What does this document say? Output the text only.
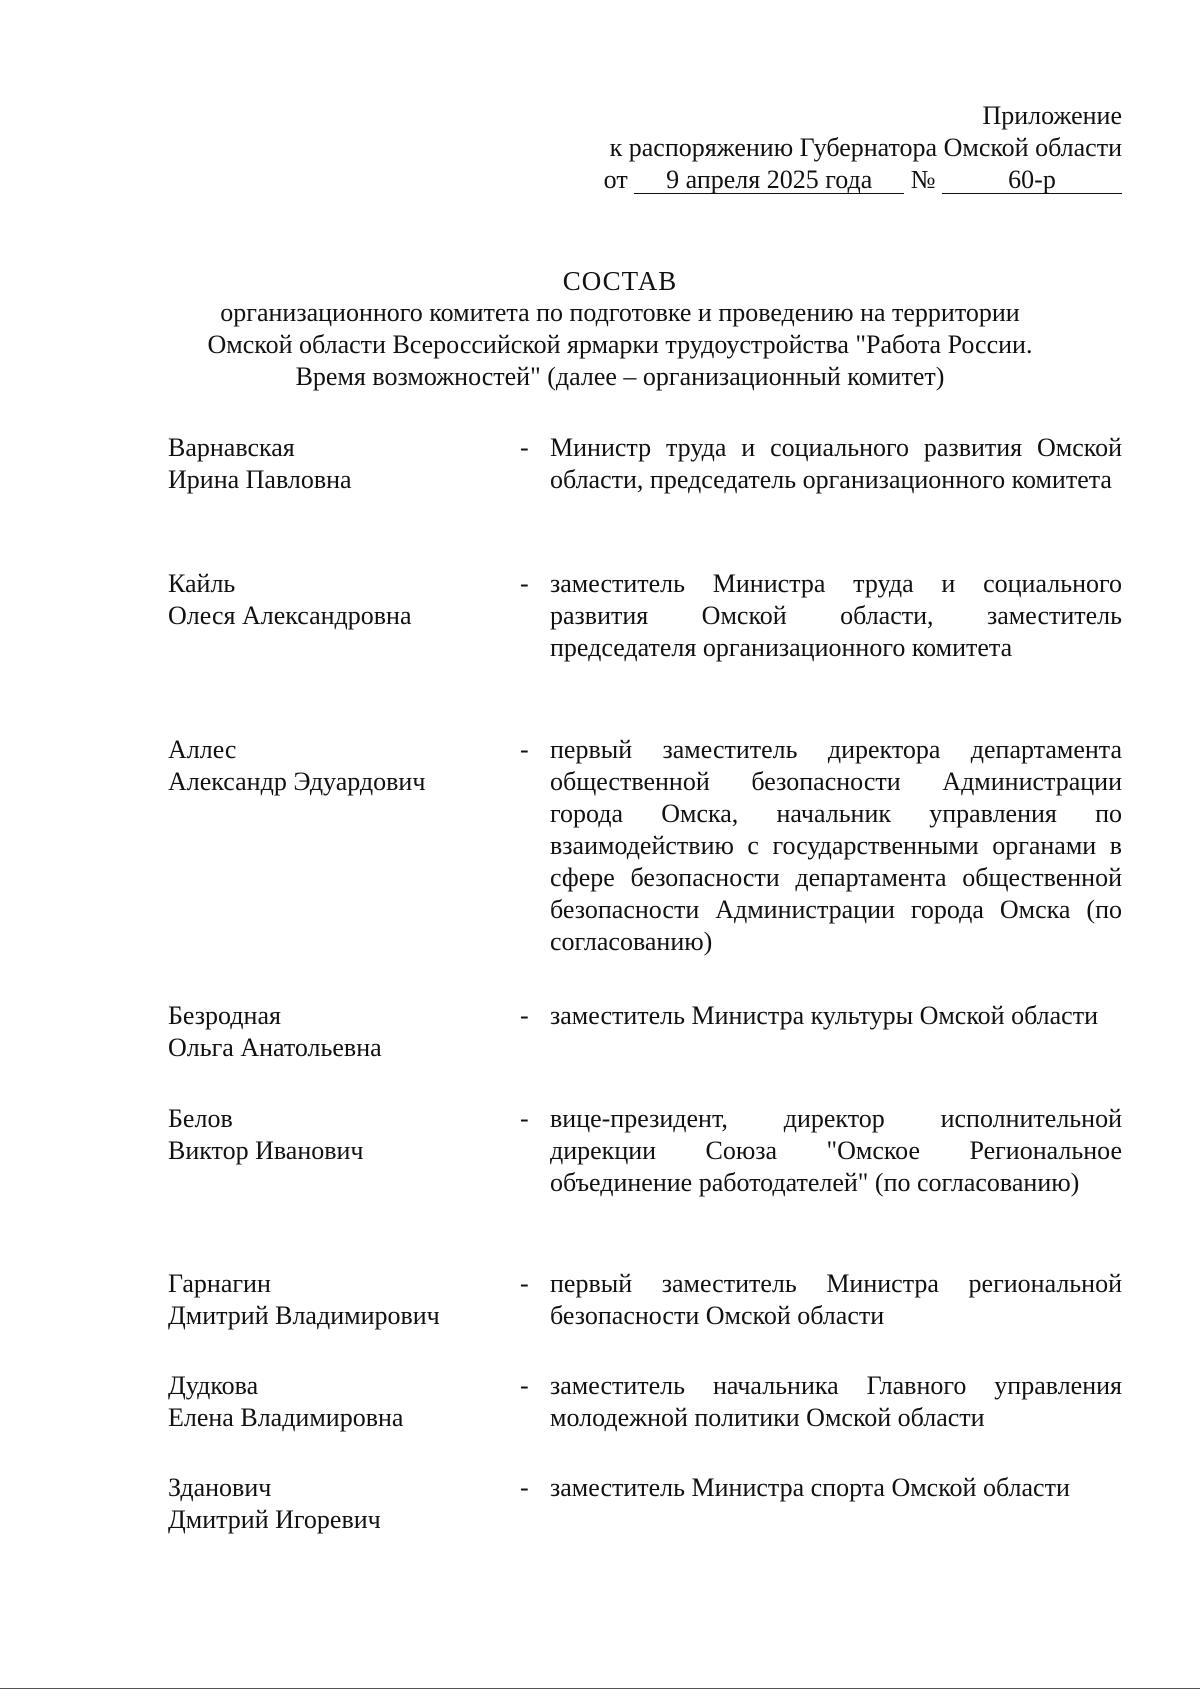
Приложение
к распоряжению Губернатора Омской области
от 9 апреля 2025 года №	60-р
СОСТАВ
организационного комитета по подготовке и проведению на территории
Омской области Всероссийской ярмарки трудоустройства "Работа России.
Время возможностей" (далее – организационный комитет)
Варнавская
Ирина Павловна
- Министр труда и социального развития Омской области, председатель организационного комитета
Кайль
Олеся Александровна
- заместитель Министра труда и социального развития Омской области, заместитель председателя организационного комитета
Аллес
Александр Эдуардович
- первый заместитель директора департамента общественной безопасности Администрации города Омска, начальник управления по взаимодействию с государственными органами в сфере безопасности департамента общественной безопасности Администрации города Омска (по согласованию)
Безродная
Ольга Анатольевна
- заместитель Министра культуры Омской области
Белов
Виктор Иванович
- вице-президент, директор исполнительной дирекции Союза "Омское Региональное объединение работодателей" (по согласованию)
Гарнагин
Дмитрий Владимирович
- первый заместитель Министра региональной безопасности Омской области
Дудкова
Елена Владимировна
- заместитель начальника Главного управления молодежной политики Омской области
Зданович
Дмитрий Игоревич
- заместитель Министра спорта Омской области
